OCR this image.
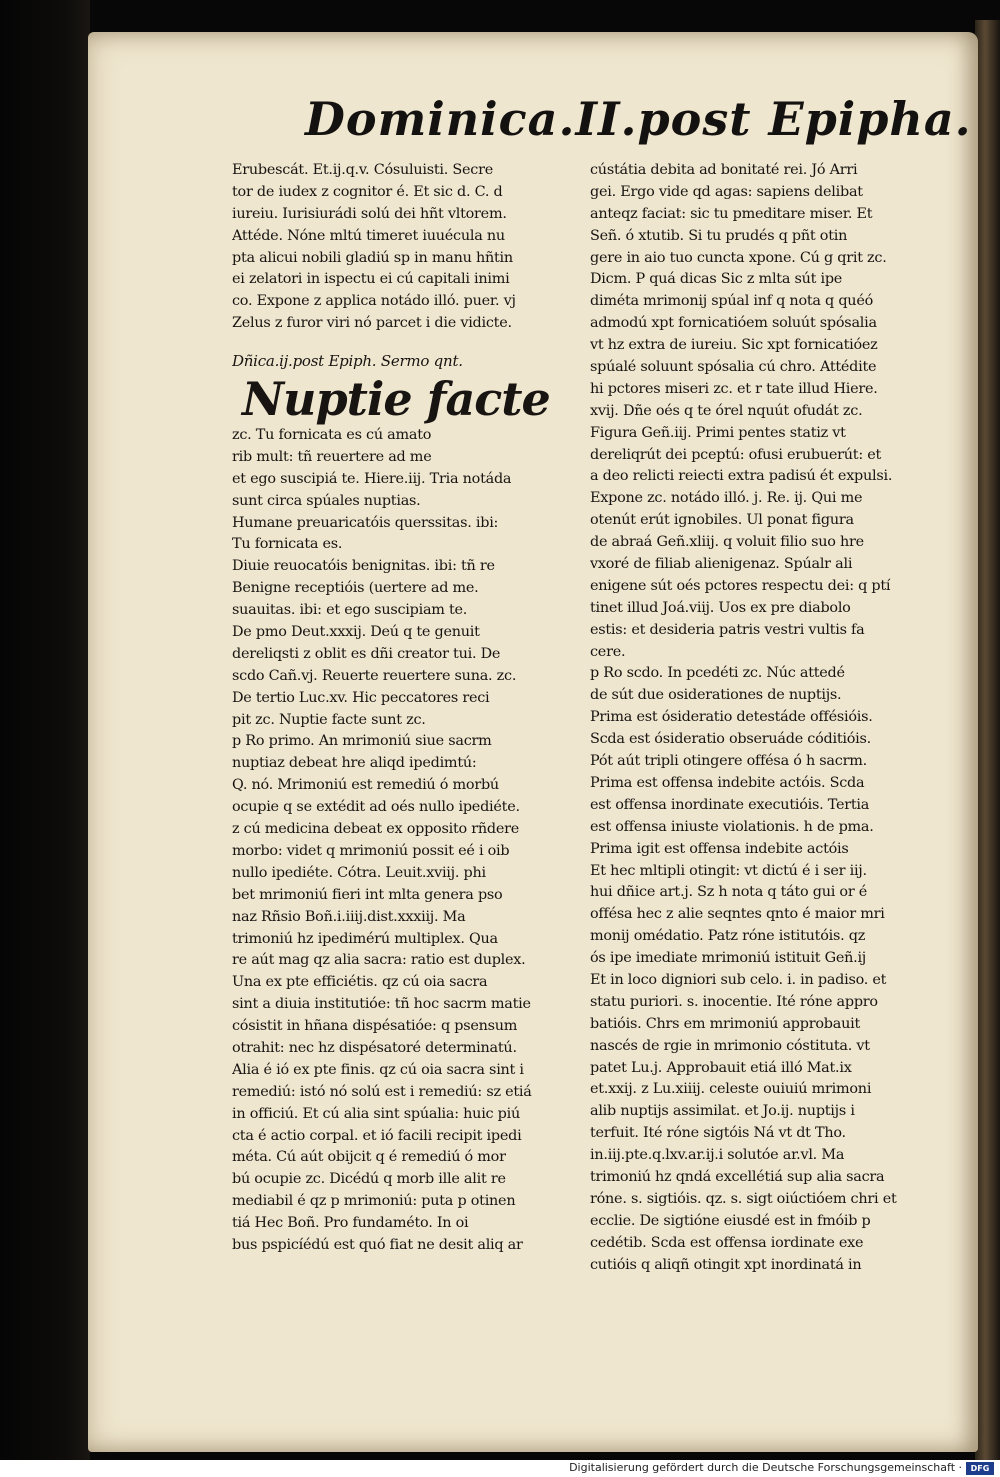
Dominica.II.post Epipha.
Erubescát. Et.ij.q.v. Cósuluisti. Secre
tor de iudex z cognitor é. Et sic d. C. d
iureiu. Iurisiurádi solú dei hñt vltorem.
Attéde. Nóne mltú timeret iuuécula nu
pta alicui nobili gladiú sp in manu hñtin
ei zelatori in ispectu ei cú capitali inimi
co. Expone z applica notádo illó. puer. vj
Zelus z furor viri nó parcet i die vidicte.
Dñica.ij.post Epiph. Sermo qnt.
Nuptie facte
zc. Tu fornicata es cú amato
rib mult: tñ reuertere ad me
et ego suscipiá te. Hiere.iij. Tria notáda
sunt circa spúales nuptias.
Humane preuaricatóis querssitas. ibi:
Tu fornicata es.
Diuie reuocatóis benignitas. ibi: tñ re
Benigne receptióis (uertere ad me.
suauitas. ibi: et ego suscipiam te.
De pmo Deut.xxxij. Deú q te genuit
dereliqsti z oblit es dñi creator tui. De
scdo Cañ.vj. Reuerte reuertere suna. zc.
De tertio Luc.xv. Hic peccatores reci
pit zc. Nuptie facte sunt zc.
p Ro primo. An mrimoniú siue sacrm
nuptiaz debeat hre aliqd ipedimtú:
Q. nó. Mrimoniú est remediú ó morbú
ocupie q se extédit ad oés nullo ipediéte.
z cú medicina debeat ex opposito rñdere
morbo: videt q mrimoniú possit eé i oib
nullo ipediéte. Cótra. Leuit.xviij. phi
bet mrimoniú fieri int mlta genera pso
naz Rñsio Boñ.i.iiij.dist.xxxiij. Ma
trimoniú hz ipedimérú multiplex. Qua
re aút mag qz alia sacra: ratio est duplex.
Una ex pte efficiétis. qz cú oia sacra
sint a diuia institutióe: tñ hoc sacrm matie
cósistit in hñana dispésatióe: q psensum
otrahit: nec hz dispésatoré determinatú.
Alia é ió ex pte finis. qz cú oia sacra sint i
remediú: istó nó solú est i remediú: sz etiá
in officiú. Et cú alia sint spúalia: huic piú
cta é actio corpal. et ió facili recipit ipedi
méta. Cú aút obijcit q é remediú ó mor
bú ocupie zc. Dicédú q morb ille alit re
mediabil é qz p mrimoniú: puta p otinen
tiá Hec Boñ. Pro fundaméto. In oi
bus pspicíédú est quó fiat ne desit aliq ar
cústátia debita ad bonitaté rei. Jó Arri
gei. Ergo vide qd agas: sapiens delibat
anteqz faciat: sic tu pmeditare miser. Et
Señ. ó xtutib. Si tu prudés q pñt otin
gere in aio tuo cuncta xpone. Cú g qrit zc.
Dicm. P quá dicas Sic z mlta sút ipe
diméta mrimonij spúal inf q nota q quéó
admodú xpt fornicatióem soluút spósalia
vt hz extra de iureiu. Sic xpt fornicatióez
spúalé soluunt spósalia cú chro. Attédite
hi pctores miseri zc. et r tate illud Hiere.
xvij. Dñe oés q te órel nquút ofudát zc.
Figura Geñ.iij. Primi pentes statiz vt
dereliqrút dei pceptú: ofusi erubuerút: et
a deo relicti reiecti extra padisú ét expulsi.
Expone zc. notádo illó. j. Re. ij. Qui me
otenút erút ignobiles. Ul ponat figura
de abraá Geñ.xliij. q voluit filio suo hre
vxoré de filiab alienigenaz. Spúalr ali
enigene sút oés pctores respectu dei: q ptí
tinet illud Joá.viij. Uos ex pre diabolo
estis: et desideria patris vestri vultis fa
cere.
p Ro scdo. In pcedéti zc. Núc attedé
de sút due osiderationes de nuptijs.
Prima est ósideratio detestáde offésióis.
Scda est ósideratio obseruáde códitióis.
Pót aút tripli otingere offésa ó h sacrm.
Prima est offensa indebite actóis. Scda
est offensa inordinate executióis. Tertia
est offensa iniuste violationis. h de pma.
Prima igit est offensa indebite actóis
Et hec mltipli otingit: vt dictú é i ser iij.
hui dñice art.j. Sz h nota q táto gui or é
offésa hec z alie seqntes qnto é maior mri
monij omédatio. Patz róne istitutóis. qz
ós ipe imediate mrimoniú istituit Geñ.ij
Et in loco digniori sub celo. i. in padiso. et
statu puriori. s. inocentie. Ité róne appro
batióis. Chrs em mrimoniú approbauit
nascés de rgie in mrimonio cóstituta. vt
patet Lu.j. Approbauit etiá illó Mat.ix
et.xxij. z Lu.xiiij. celeste ouiuiú mrimoni
alib nuptijs assimilat. et Jo.ij. nuptijs i
terfuit. Ité róne sigtóis Ná vt dt Tho.
in.iij.pte.q.lxv.ar.ij.i solutóe ar.vl. Ma
trimoniú hz qndá excellétiá sup alia sacra
róne. s. sigtióis. qz. s. sigt oiúctióem chri et
ecclie. De sigtióne eiusdé est in fmóib p
cedétib. Scda est offensa iordinate exe
cutióis q aliqñ otingit xpt inordinatá in
Digitalisierung gefördert durch die Deutsche Forschungsgemeinschaft ·	DFG
